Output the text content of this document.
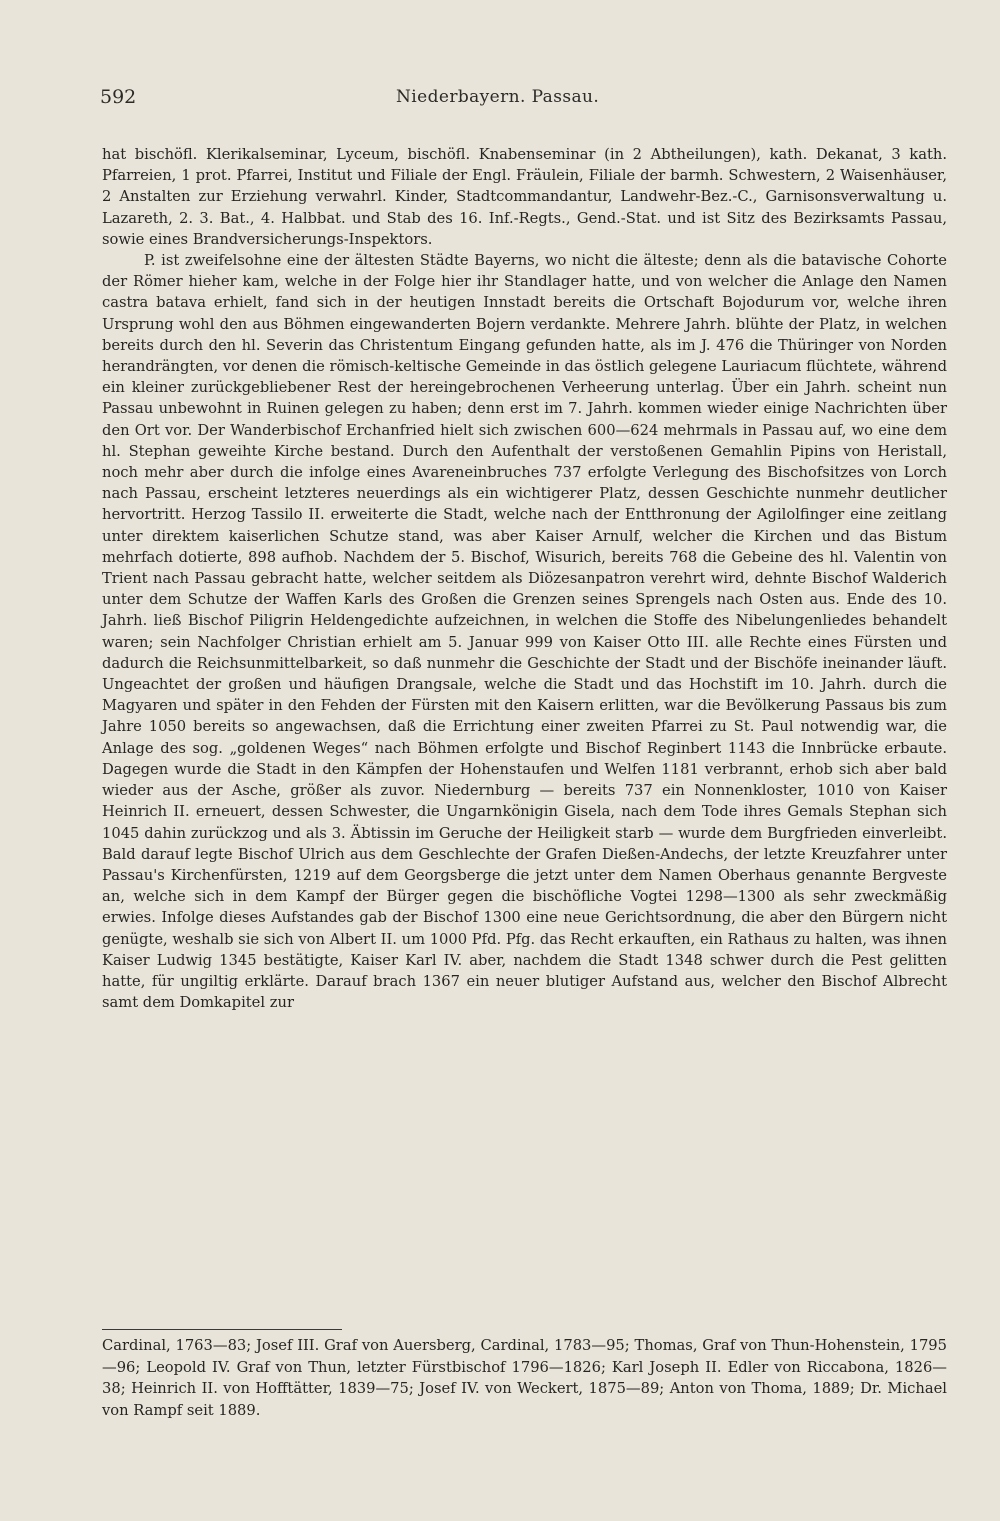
592	Niederbayern. Passau.

hat bischöfl. Klerikalseminar, Lyceum, bischöfl. Knabenseminar (in 2 Abtheilungen), kath. Dekanat, 3 kath. Pfarreien, 1 prot. Pfarrei, Institut und Filiale der Engl. Fräulein, Filiale der barmh. Schwestern, 2 Waisenhäuser, 2 Anstalten zur Erziehung verwahrl. Kinder, Stadtcommandantur, Landwehr-Bez.-C., Garnisonsverwaltung u. Lazareth, 2. 3. Bat., 4. Halbbat. und Stab des 16. Inf.-Regts., Gend.-Stat. und ist Sitz des Bezirksamts Passau, sowie eines Brandversicherungs-Inspektors.

P. ist zweifelsohne eine der ältesten Städte Bayerns, wo nicht die älteste; denn als die batavische Cohorte der Römer hieher kam, welche in der Folge hier ihr Standlager hatte, und von welcher die Anlage den Namen castra batava erhielt, fand sich in der heutigen Innstadt bereits die Ortschaft Bojodurum vor, welche ihren Ursprung wohl den aus Böhmen eingewanderten Bojern verdankte. Mehrere Jahrh. blühte der Platz, in welchen bereits durch den hl. Severin das Christentum Eingang gefunden hatte, als im J. 476 die Thüringer von Norden herandrängten, vor denen die römisch-keltische Gemeinde in das östlich gelegene Lauriacum flüchtete, während ein kleiner zurückgebliebener Rest der hereingebrochenen Verheerung unterlag. Über ein Jahrh. scheint nun Passau unbewohnt in Ruinen gelegen zu haben; denn erst im 7. Jahrh. kommen wieder einige Nachrichten über den Ort vor. Der Wanderbischof Erchanfried hielt sich zwischen 600—624 mehrmals in Passau auf, wo eine dem hl. Stephan geweihte Kirche bestand. Durch den Aufenthalt der verstoßenen Gemahlin Pipins von Heristall, noch mehr aber durch die infolge eines Avareneinbruches 737 erfolgte Verlegung des Bischofsitzes von Lorch nach Passau, erscheint letzteres neuerdings als ein wichtigerer Platz, dessen Geschichte nunmehr deutlicher hervortritt. Herzog Tassilo II. erweiterte die Stadt, welche nach der Entthronung der Agilolfinger eine zeitlang unter direktem kaiserlichen Schutze stand, was aber Kaiser Arnulf, welcher die Kirchen und das Bistum mehrfach dotierte, 898 aufhob. Nachdem der 5. Bischof, Wisurich, bereits 768 die Gebeine des hl. Valentin von Trient nach Passau gebracht hatte, welcher seitdem als Diözesanpatron verehrt wird, dehnte Bischof Walderich unter dem Schutze der Waffen Karls des Großen die Grenzen seines Sprengels nach Osten aus. Ende des 10. Jahrh. ließ Bischof Piligrin Heldengedichte aufzeichnen, in welchen die Stoffe des Nibelungenliedes behandelt waren; sein Nachfolger Christian erhielt am 5. Januar 999 von Kaiser Otto III. alle Rechte eines Fürsten und dadurch die Reichsunmittelbarkeit, so daß nunmehr die Geschichte der Stadt und der Bischöfe ineinander läuft. Ungeachtet der großen und häufigen Drangsale, welche die Stadt und das Hochstift im 10. Jahrh. durch die Magyaren und später in den Fehden der Fürsten mit den Kaisern erlitten, war die Bevölkerung Passaus bis zum Jahre 1050 bereits so angewachsen, daß die Errichtung einer zweiten Pfarrei zu St. Paul notwendig war, die Anlage des sog. „goldenen Weges“ nach Böhmen erfolgte und Bischof Reginbert 1143 die Innbrücke erbaute. Dagegen wurde die Stadt in den Kämpfen der Hohenstaufen und Welfen 1181 verbrannt, erhob sich aber bald wieder aus der Asche, größer als zuvor. Niedernburg — bereits 737 ein Nonnenkloster, 1010 von Kaiser Heinrich II. erneuert, dessen Schwester, die Ungarnkönigin Gisela, nach dem Tode ihres Gemals Stephan sich 1045 dahin zurückzog und als 3. Äbtissin im Geruche der Heiligkeit starb — wurde dem Burgfrieden einverleibt. Bald darauf legte Bischof Ulrich aus dem Geschlechte der Grafen Dießen-Andechs, der letzte Kreuzfahrer unter Passau's Kirchenfürsten, 1219 auf dem Georgsberge die jetzt unter dem Namen Oberhaus genannte Bergveste an, welche sich in dem Kampf der Bürger gegen die bischöfliche Vogtei 1298—1300 als sehr zweckmäßig erwies. Infolge dieses Aufstandes gab der Bischof 1300 eine neue Gerichtsordnung, die aber den Bürgern nicht genügte, weshalb sie sich von Albert II. um 1000 Pfd. Pfg. das Recht erkauften, ein Rathaus zu halten, was ihnen Kaiser Ludwig 1345 bestätigte, Kaiser Karl IV. aber, nachdem die Stadt 1348 schwer durch die Pest gelitten hatte, für ungiltig erklärte. Darauf brach 1367 ein neuer blutiger Aufstand aus, welcher den Bischof Albrecht samt dem Domkapitel zur

Cardinal, 1763—83; Josef III. Graf von Auersberg, Cardinal, 1783—95; Thomas, Graf von Thun-Hohenstein, 1795—96; Leopold IV. Graf von Thun, letzter Fürstbischof 1796—1826; Karl Joseph II. Edler von Riccabona, 1826—38; Heinrich II. von Hofftätter, 1839—75; Josef IV. von Weckert, 1875—89; Anton von Thoma, 1889; Dr. Michael von Rampf seit 1889.
